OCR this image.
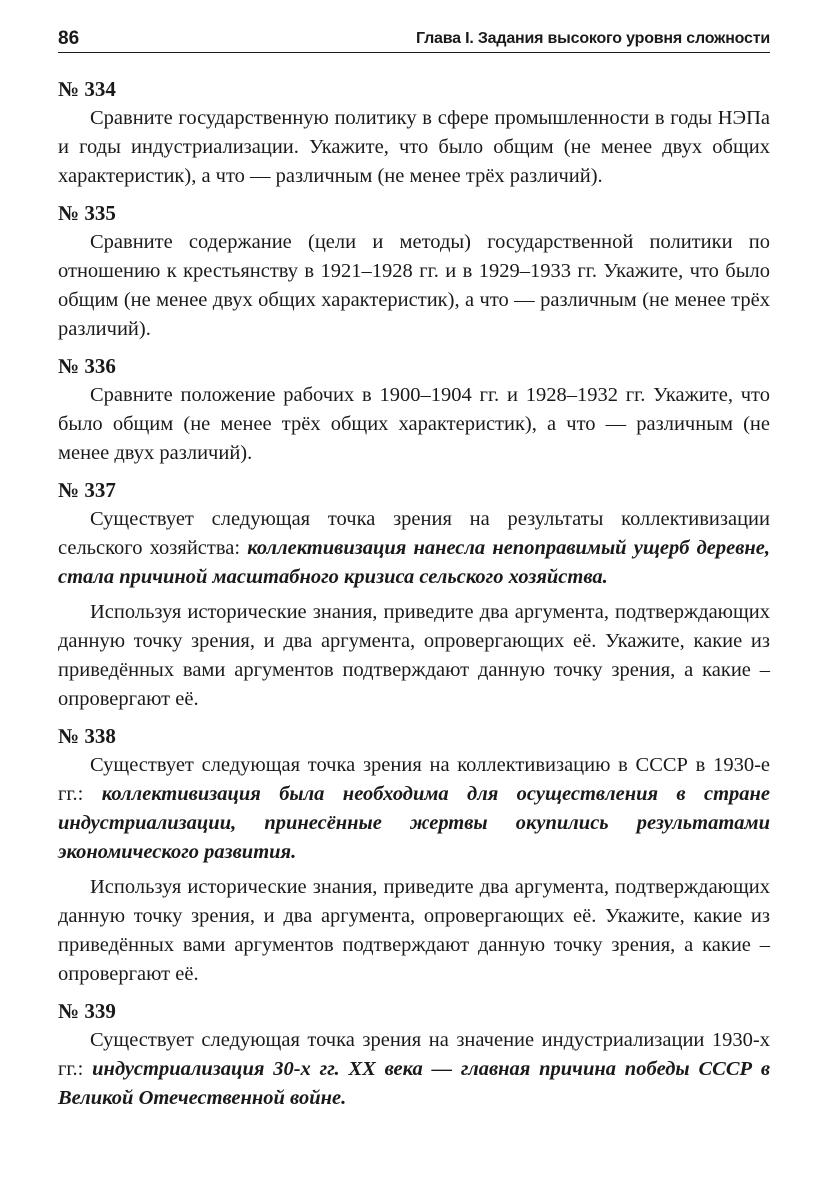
86	Глава I. Задания высокого уровня сложности

№ 334

Сравните государственную политику в сфере промышленности в годы НЭПа и годы индустриализации. Укажите, что было общим (не менее двух общих характеристик), а что — различным (не менее трёх различий).

№ 335

Сравните содержание (цели и методы) государственной политики по отношению к крестьянству в 1921–1928 гг. и в 1929–1933 гг. Укажите, что было общим (не менее двух общих характеристик), а что — различным (не менее трёх различий).

№ 336

Сравните положение рабочих в 1900–1904 гг. и 1928–1932 гг. Укажите, что было общим (не менее трёх общих характеристик), а что — различным (не менее двух различий).

№ 337

Существует следующая точка зрения на результаты коллективизации сельского хозяйства: коллективизация нанесла непоправимый ущерб деревне, стала причиной масштабного кризиса сельского хозяйства.

Используя исторические знания, приведите два аргумента, подтверждающих данную точку зрения, и два аргумента, опровергающих её. Укажите, какие из приведённых вами аргументов подтверждают данную точку зрения, а какие – опровергают её.

№ 338

Существует следующая точка зрения на коллективизацию в СССР в 1930-е гг.: коллективизация была необходима для осуществления в стране индустриализации, принесённые жертвы окупились результатами экономического развития.

Используя исторические знания, приведите два аргумента, подтверждающих данную точку зрения, и два аргумента, опровергающих её. Укажите, какие из приведённых вами аргументов подтверждают данную точку зрения, а какие – опровергают её.

№ 339

Существует следующая точка зрения на значение индустриализации 1930-х гг.: индустриализация 30-х гг. XX века — главная причина победы СССР в Великой Отечественной войне.
